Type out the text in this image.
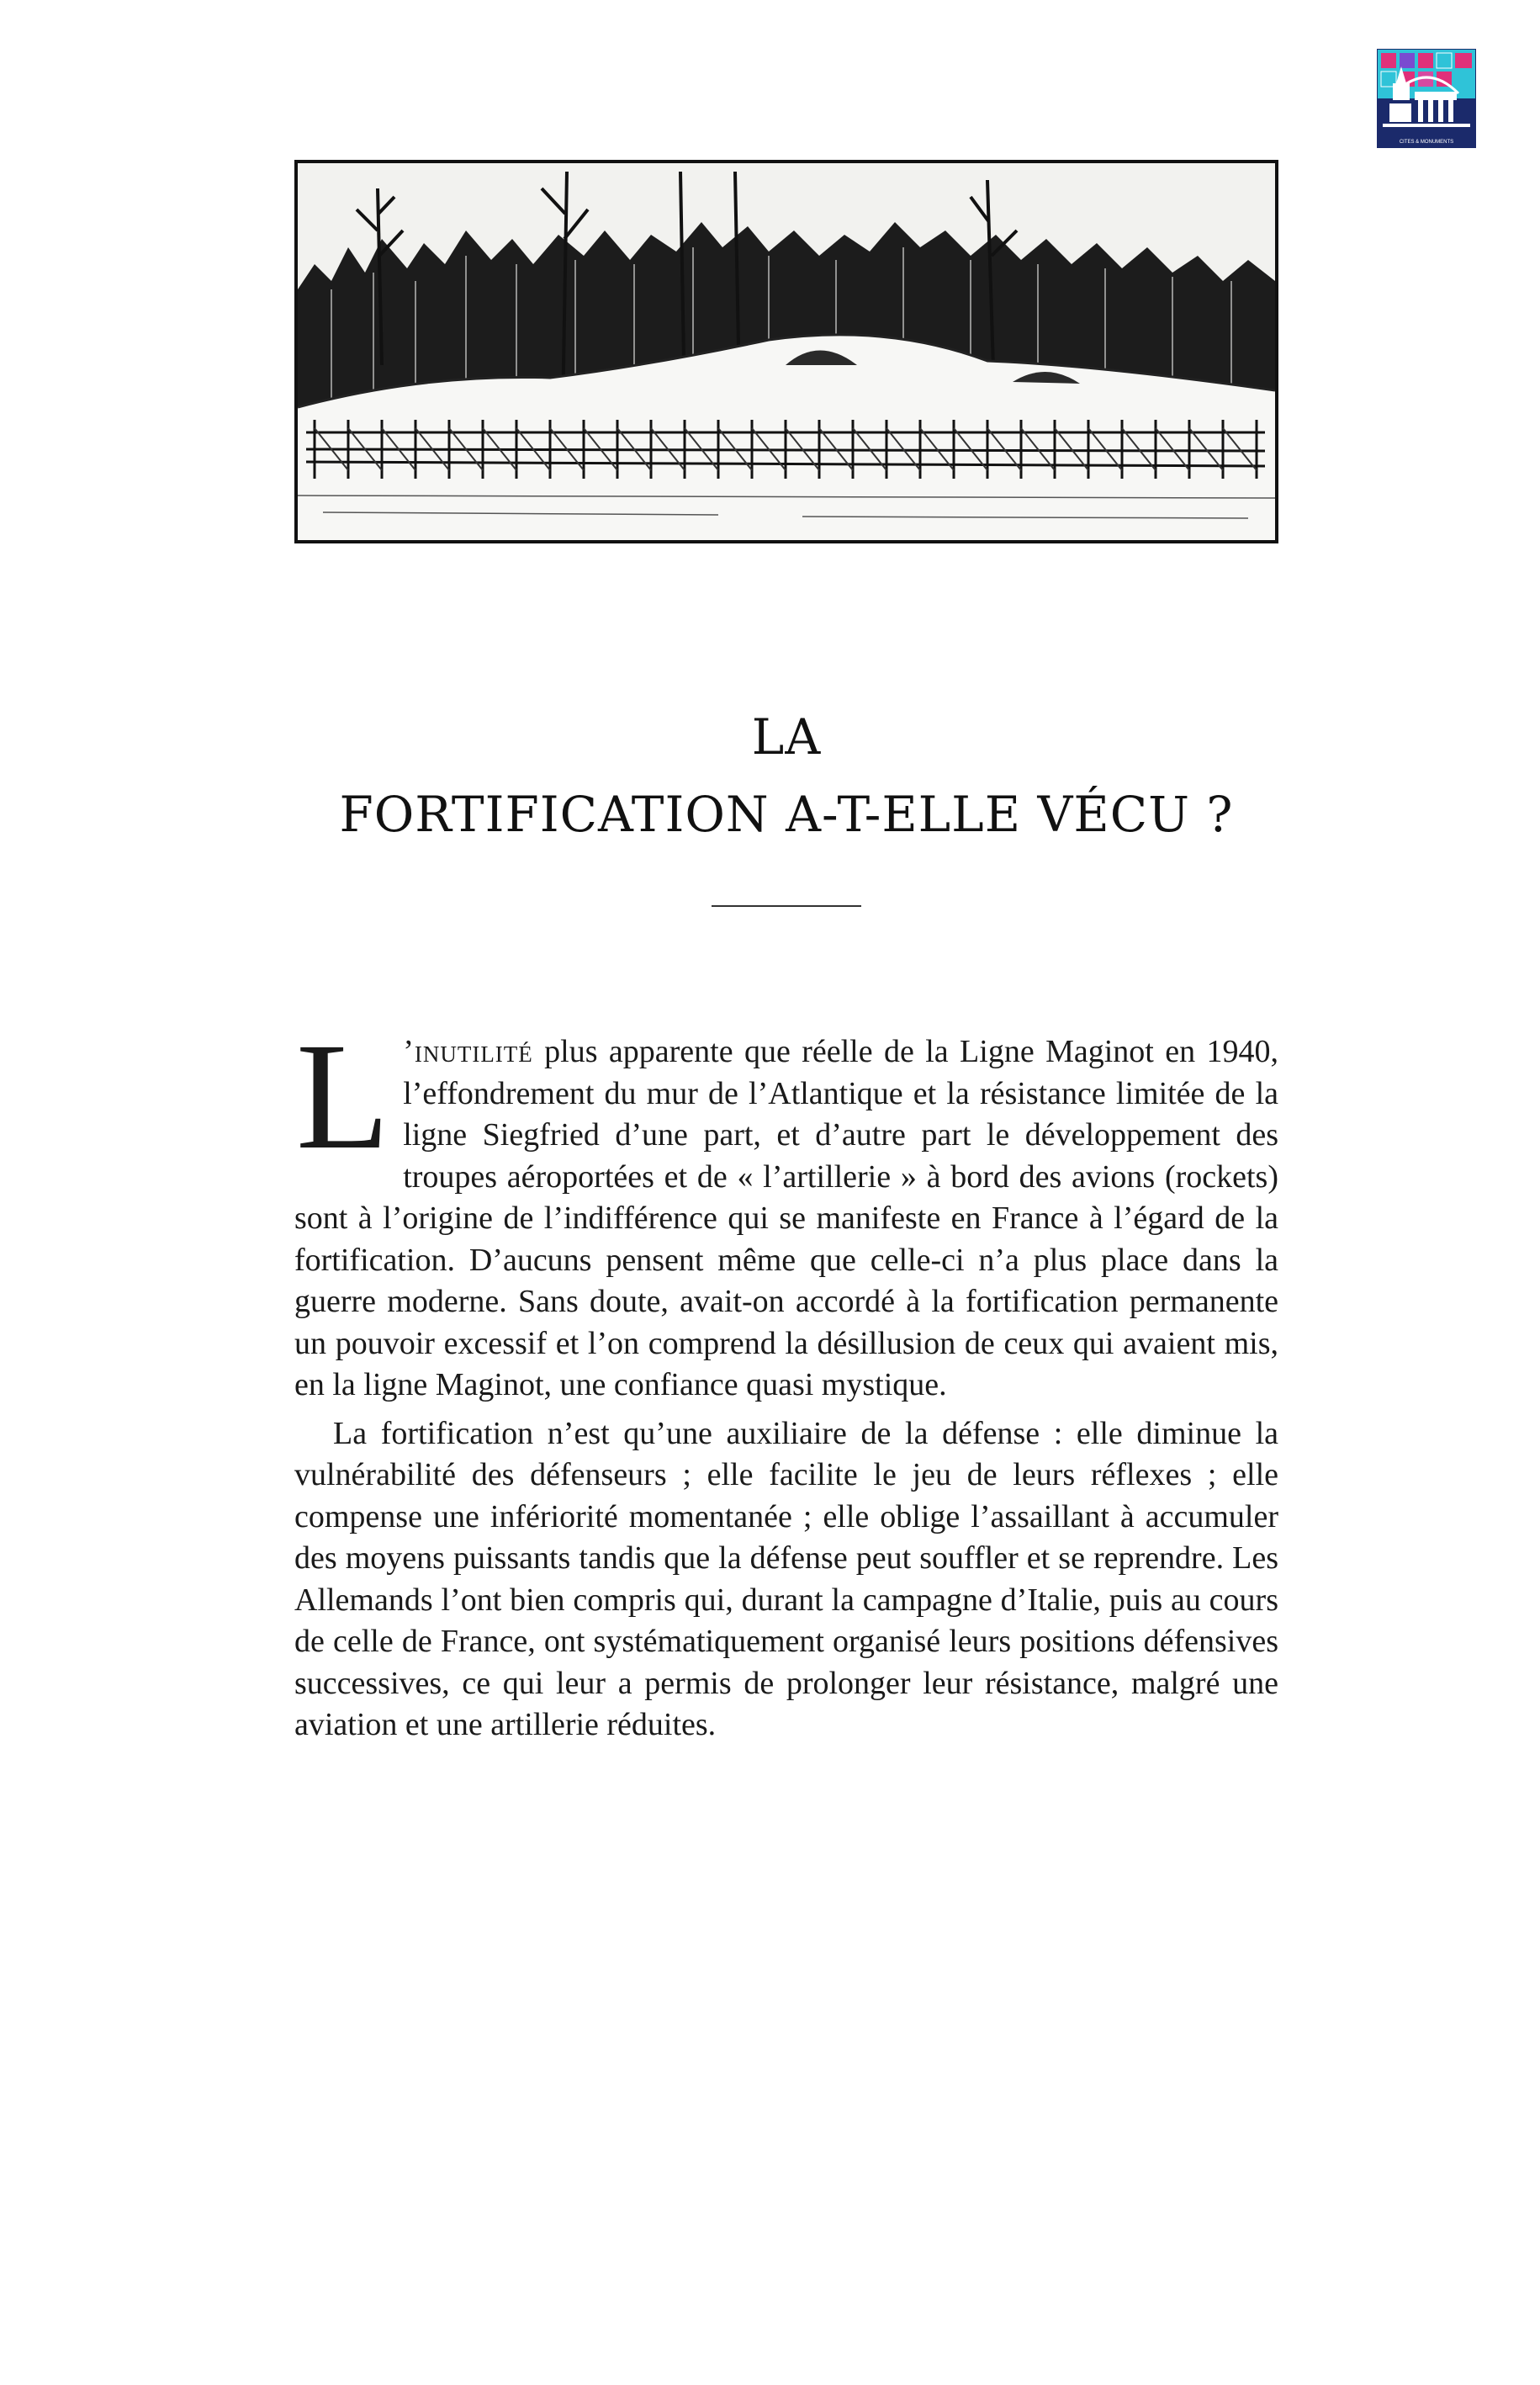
CITES & MONUMENTS
LA
FORTIFICATION A-T-ELLE VÉCU ?

L ’inutilité plus apparente que réelle de la Ligne Maginot en 1940, l’effondrement du mur de l’Atlantique et la résistance limitée de la ligne Siegfried d’une part, et d’autre part le développement des troupes aéroportées et de « l’artillerie » à bord des avions (rockets) sont à l’origine de l’indifférence qui se manifeste en France à l’égard de la fortification. D’aucuns pensent même que celle-ci n’a plus place dans la guerre moderne. Sans doute, avait-on accordé à la fortification permanente un pouvoir excessif et l’on comprend la désillusion de ceux qui avaient mis, en la ligne Maginot, une confiance quasi mystique.

La fortification n’est qu’une auxiliaire de la défense : elle diminue la vulnérabilité des défenseurs ; elle facilite le jeu de leurs réflexes ; elle compense une infériorité momentanée ; elle oblige l’assaillant à accumuler des moyens puissants tandis que la défense peut souffler et se reprendre. Les Allemands l’ont bien compris qui, durant la campagne d’Italie, puis au cours de celle de France, ont systématiquement organisé leurs positions défensives successives, ce qui leur a permis de prolonger leur résistance, malgré une aviation et une artillerie réduites.
